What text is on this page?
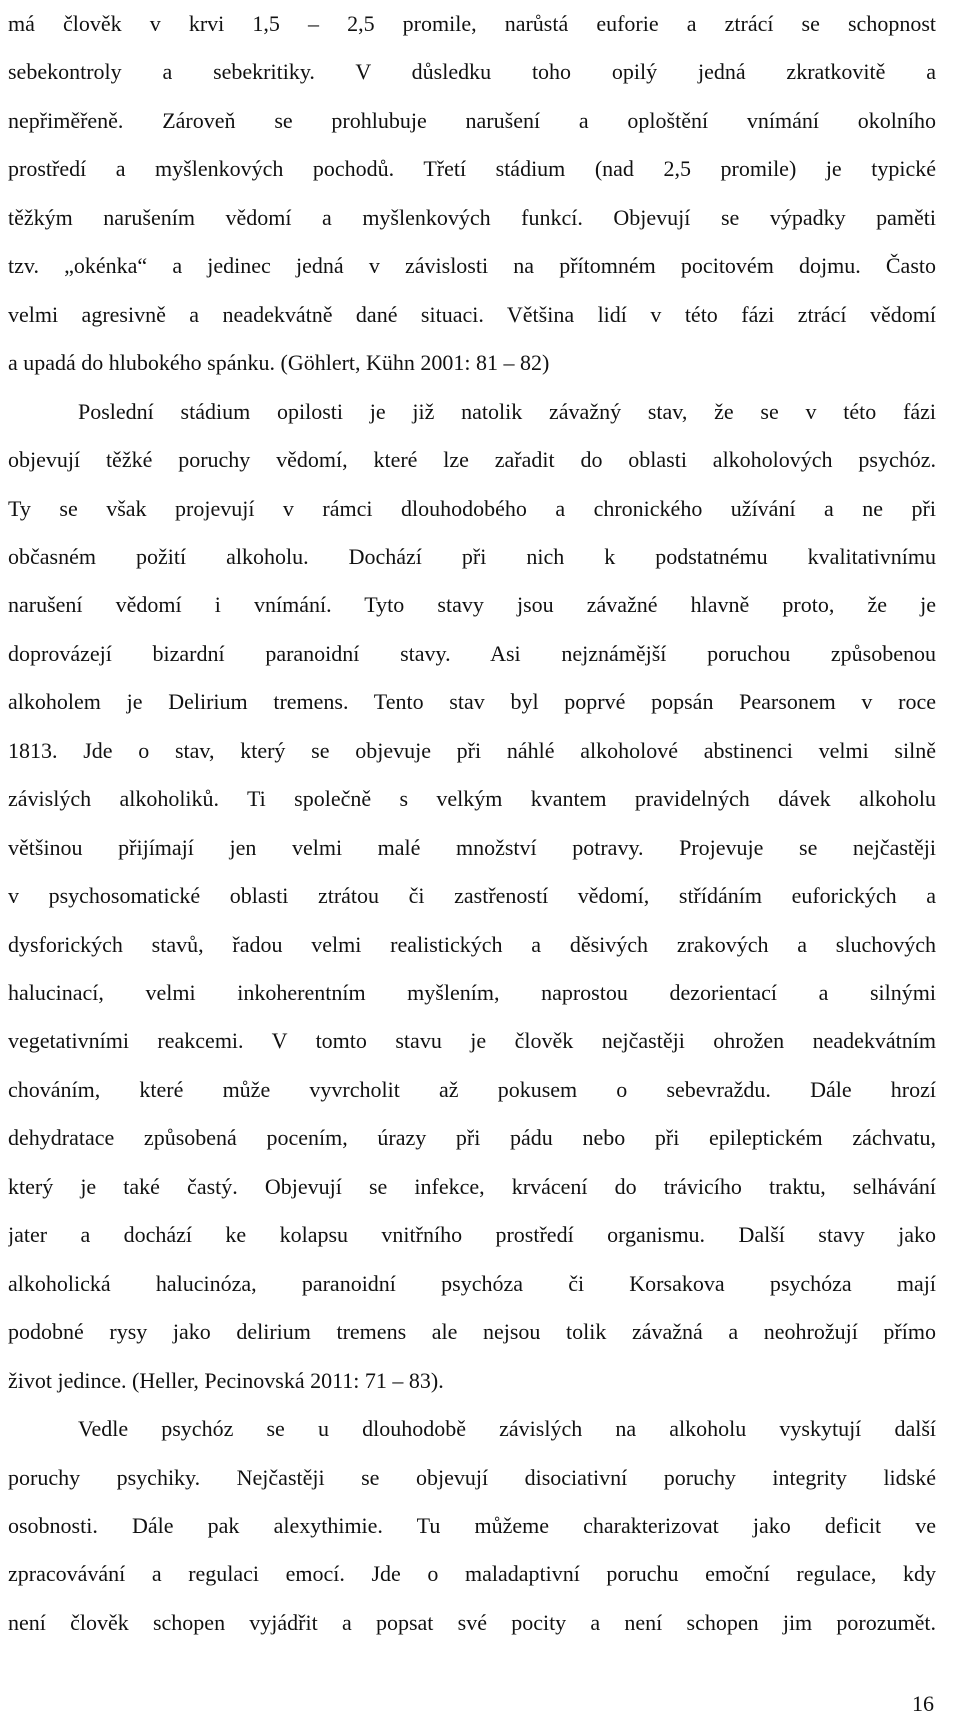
má člověk v krvi 1,5 – 2,5 promile, narůstá euforie a ztrácí se schopnost
sebekontroly a sebekritiky. V důsledku toho opilý jedná zkratkovitě a
nepřiměřeně. Zároveň se prohlubuje narušení a oploštění vnímání okolního
prostředí a myšlenkových pochodů. Třetí stádium (nad 2,5 promile) je typické
těžkým narušením vědomí a myšlenkových funkcí. Objevují se výpadky paměti
tzv. „okénka“ a jedinec jedná v závislosti na přítomném pocitovém dojmu. Často
velmi agresivně a neadekvátně dané situaci. Většina lidí v této fázi ztrácí vědomí
a upadá do hlubokého spánku. (Göhlert, Kühn 2001: 81 – 82)
Poslední stádium opilosti je již natolik závažný stav, že se v této fázi
objevují těžké poruchy vědomí, které lze zařadit do oblasti alkoholových psychóz.
Ty se však projevují v rámci dlouhodobého a chronického užívání a ne při
občasném požití alkoholu. Dochází při nich k podstatnému kvalitativnímu
narušení vědomí i vnímání. Tyto stavy jsou závažné hlavně proto, že je
doprovázejí bizardní paranoidní stavy. Asi nejznámější poruchou způsobenou
alkoholem je Delirium tremens. Tento stav byl poprvé popsán Pearsonem v roce
1813. Jde o stav, který se objevuje při náhlé alkoholové abstinenci velmi silně
závislých alkoholiků. Ti společně s velkým kvantem pravidelných dávek alkoholu
většinou přijímají jen velmi malé množství potravy. Projevuje se nejčastěji
v psychosomatické oblasti ztrátou či zastřeností vědomí, střídáním euforických a
dysforických stavů, řadou velmi realistických a děsivých zrakových a sluchových
halucinací, velmi inkoherentním myšlením, naprostou dezorientací a silnými
vegetativními reakcemi. V tomto stavu je člověk nejčastěji ohrožen neadekvátním
chováním, které může vyvrcholit až pokusem o sebevraždu. Dále hrozí
dehydratace způsobená pocením, úrazy při pádu nebo při epileptickém záchvatu,
který je také častý. Objevují se infekce, krvácení do trávicího traktu, selhávání
jater a dochází ke kolapsu vnitřního prostředí organismu. Další stavy jako
alkoholická halucinóza, paranoidní psychóza či Korsakova psychóza mají
podobné rysy jako delirium tremens ale nejsou tolik závažná a neohrožují přímo
život jedince. (Heller, Pecinovská 2011: 71 – 83).
Vedle psychóz se u dlouhodobě závislých na alkoholu vyskytují další
poruchy psychiky. Nejčastěji se objevují disociativní poruchy integrity lidské
osobnosti. Dále pak alexythimie. Tu můžeme charakterizovat jako deficit ve
zpracovávání a regulaci emocí. Jde o maladaptivní poruchu emoční regulace, kdy
není člověk schopen vyjádřit a popsat své pocity a není schopen jim porozumět.
16
